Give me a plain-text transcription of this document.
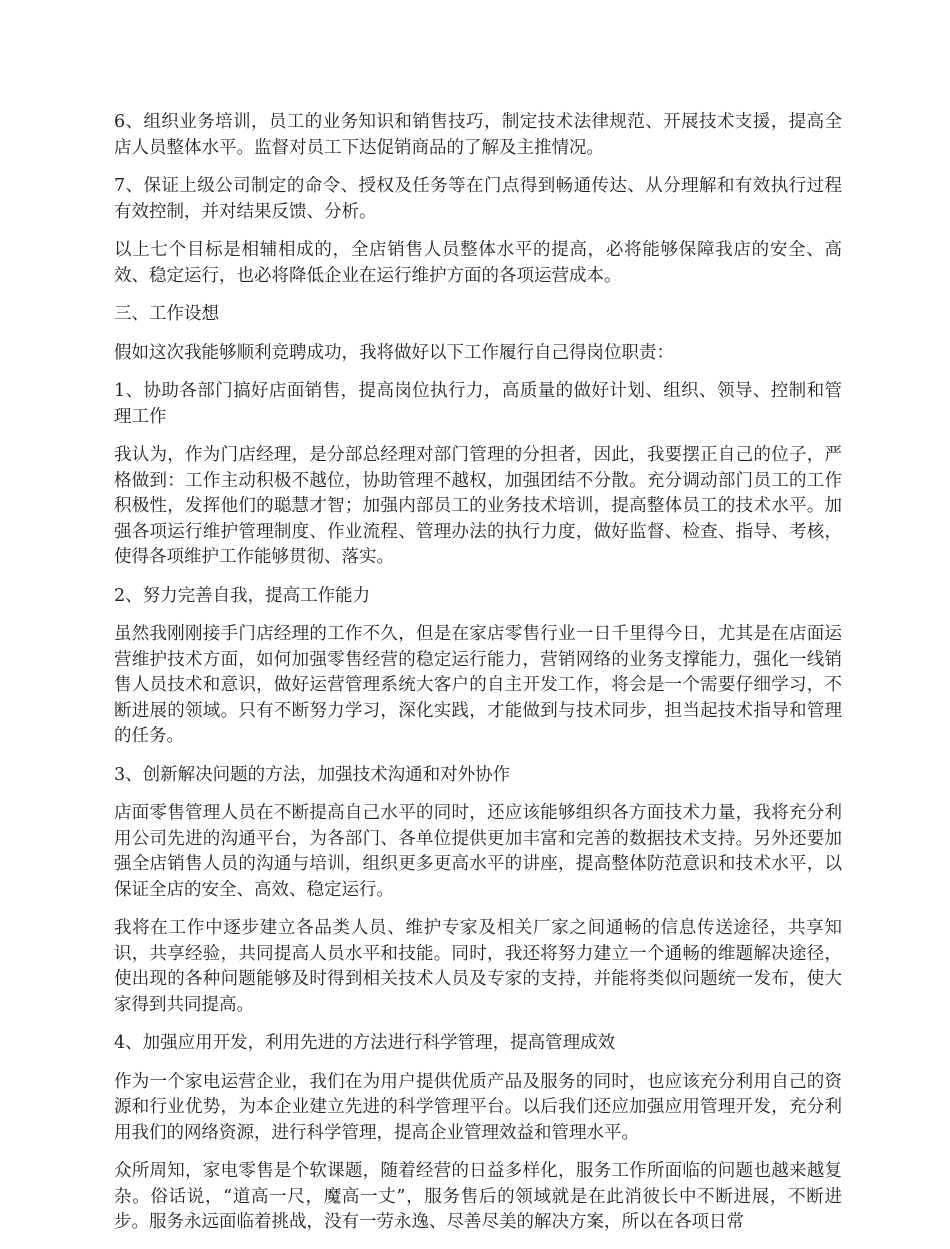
6、组织业务培训，员工的业务知识和销售技巧，制定技术法律规范、开展技术支援，提高全店人员整体水平。监督对员工下达促销商品的了解及主推情况。

7、保证上级公司制定的命令、授权及任务等在门点得到畅通传达、从分理解和有效执行过程有效控制，并对结果反馈、分析。

以上七个目标是相辅相成的，全店销售人员整体水平的提高，必将能够保障我店的安全、高效、稳定运行，也必将降低企业在运行维护方面的各项运营成本。

三、工作设想

假如这次我能够顺利竞聘成功，我将做好以下工作履行自己得岗位职责：

1、协助各部门搞好店面销售，提高岗位执行力，高质量的做好计划、组织、领导、控制和管理工作

我认为，作为门店经理，是分部总经理对部门管理的分担者，因此，我要摆正自己的位子，严格做到：工作主动积极不越位，协助管理不越权，加强团结不分散。充分调动部门员工的工作积极性，发挥他们的聪慧才智；加强内部员工的业务技术培训，提高整体员工的技术水平。加强各项运行维护管理制度、作业流程、管理办法的执行力度，做好监督、检查、指导、考核，使得各项维护工作能够贯彻、落实。

2、努力完善自我，提高工作能力

虽然我刚刚接手门店经理的工作不久，但是在家店零售行业一日千里得今日，尤其是在店面运营维护技术方面，如何加强零售经营的稳定运行能力，营销网络的业务支撑能力，强化一线销售人员技术和意识，做好运营管理系统大客户的自主开发工作，将会是一个需要仔细学习，不断进展的领域。只有不断努力学习，深化实践，才能做到与技术同步，担当起技术指导和管理的任务。

3、创新解决问题的方法，加强技术沟通和对外协作

店面零售管理人员在不断提高自己水平的同时，还应该能够组织各方面技术力量，我将充分利用公司先进的沟通平台，为各部门、各单位提供更加丰富和完善的数据技术支持。另外还要加强全店销售人员的沟通与培训，组织更多更高水平的讲座，提高整体防范意识和技术水平，以保证全店的安全、高效、稳定运行。

我将在工作中逐步建立各品类人员、维护专家及相关厂家之间通畅的信息传送途径，共享知识，共享经验，共同提高人员水平和技能。同时，我还将努力建立一个通畅的维题解决途径，使出现的各种问题能够及时得到相关技术人员及专家的支持，并能将类似问题统一发布，使大家得到共同提高。

4、加强应用开发，利用先进的方法进行科学管理，提高管理成效

作为一个家电运营企业，我们在为用户提供优质产品及服务的同时，也应该充分利用自己的资源和行业优势，为本企业建立先进的科学管理平台。以后我们还应加强应用管理开发，充分利用我们的网络资源，进行科学管理，提高企业管理效益和管理水平。

众所周知，家电零售是个软课题，随着经营的日益多样化，服务工作所面临的问题也越来越复杂。俗话说，“道高一尺，魔高一丈”，服务售后的领域就是在此消彼长中不断进展，不断进步。服务永远面临着挑战，没有一劳永逸、尽善尽美的解决方案，所以在各项日常
